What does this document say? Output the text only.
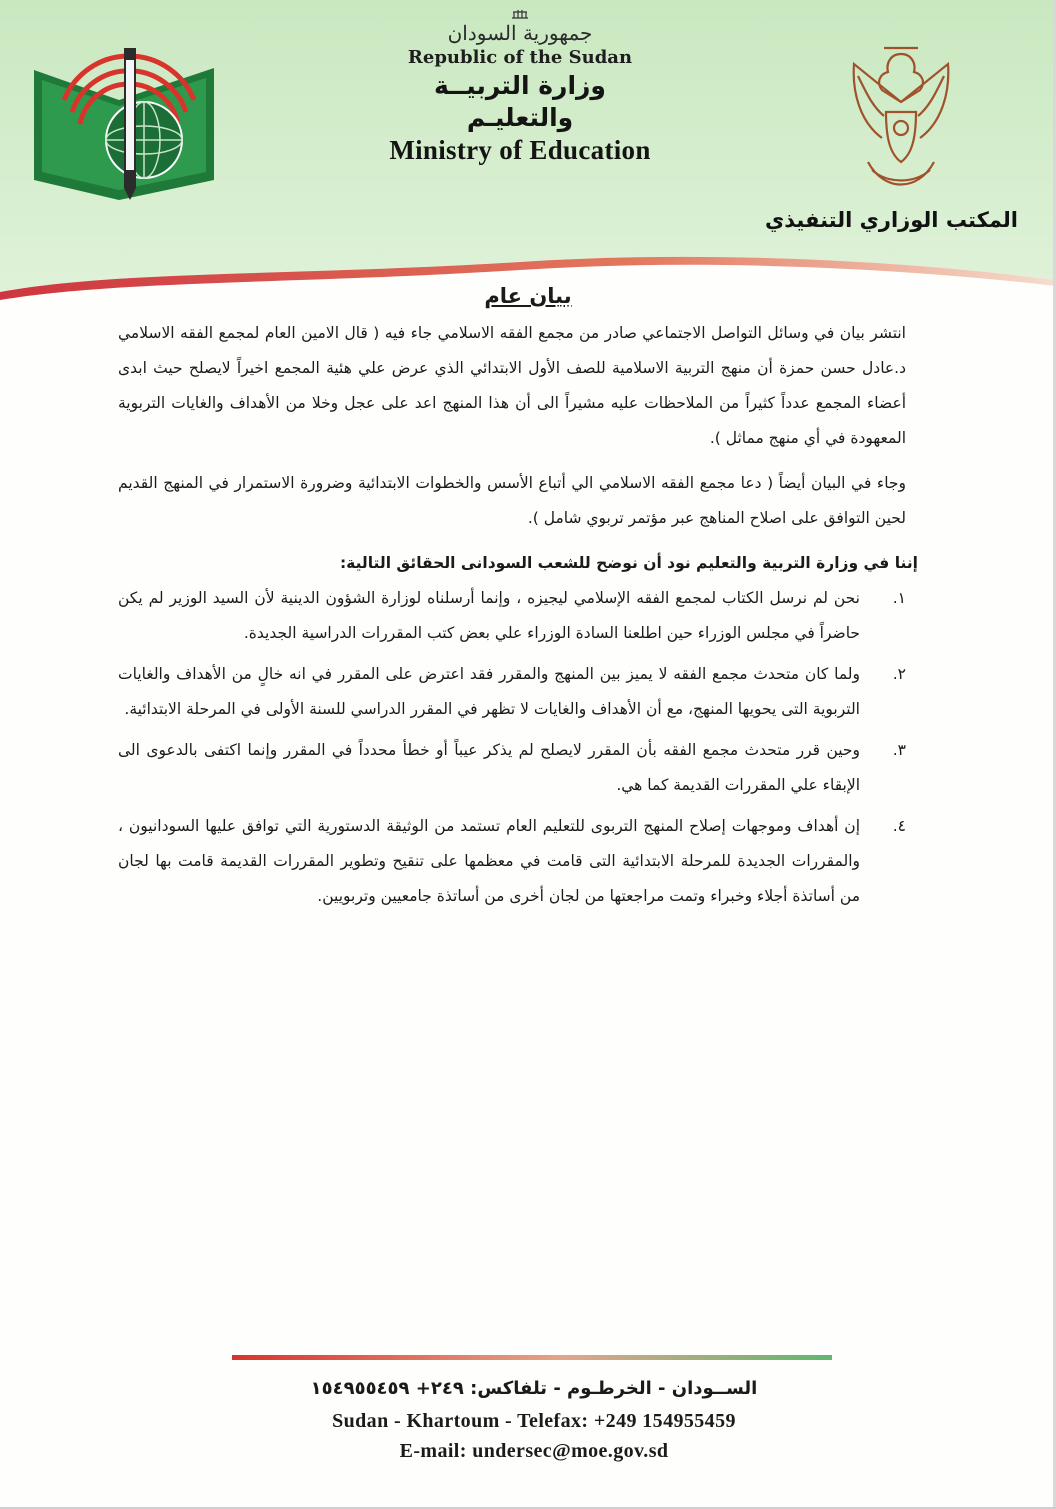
جمهورية السودان
Republic of the Sudan
وزارة التربيــة والتعليـم
Ministry of Education
المكتب الوزاري التنفيذي
بيان عام

انتشر بيان في وسائل التواصل الاجتماعي صادر من مجمع الفقه الاسلامي جاء فيه ( قال الامين العام لمجمع الفقه الاسلامي د.عادل حسن حمزة أن منهج التربية الاسلامية للصف الأول الابتدائي الذي عرض علي هئية المجمع اخيراً لايصلح حيث ابدى أعضاء المجمع عدداً كثيراً من الملاحظات عليه مشيراً الى أن هذا المنهج اعد على عجل وخلا من الأهداف والغايات التربوية المعهودة في أي منهج مماثل ).

وجاء في البيان أيضاً ( دعا مجمع الفقه الاسلامي الي أتباع الأسس والخطوات الابتدائية وضرورة الاستمرار في المنهج القديم لحين التوافق على اصلاح المناهج عبر مؤتمر تربوي شامل ).

إننا في وزارة التربية والتعليم نود أن نوضح للشعب السودانى الحقائق التالية:

١.
نحن لم نرسل الكتاب لمجمع الفقه الإسلامي ليجيزه ، وإنما أرسلناه لوزارة الشؤون الدينية لأن السيد الوزير لم يكن حاضراً في مجلس الوزراء حين اطلعنا السادة الوزراء علي بعض كتب المقررات الدراسية الجديدة.
٢.
ولما كان متحدث مجمع الفقه لا يميز بين المنهج والمقرر فقد اعترض على المقرر في انه خالٍ من الأهداف والغايات التربوية التى يحويها المنهج، مع أن الأهداف والغايات لا تظهر في المقرر الدراسي للسنة الأولى في المرحلة الابتدائية.
٣.
وحين قرر متحدث مجمع الفقه بأن المقرر لايصلح لم يذكر عيباً أو خطأ محدداً في المقرر وإنما اكتفى بالدعوى الى الإبقاء علي المقررات القديمة كما هي.
٤.
إن أهداف وموجهات إصلاح المنهج التربوى للتعليم العام تستمد من الوثيقة الدستورية التي توافق عليها السودانيون ، والمقررات الجديدة للمرحلة الابتدائية التى قامت في معظمها على تنقيح وتطوير المقررات القديمة قامت بها لجان من أساتذة أجلاء وخبراء وتمت مراجعتها من لجان أخرى من أساتذة جامعيين وتربويين.
الســودان - الخرطـوم - تلفاكس: ٢٤٩+ ١٥٤٩٥٥٤٥٩
Sudan - Khartoum - Telefax: +249 154955459
E-mail: undersec@moe.gov.sd
